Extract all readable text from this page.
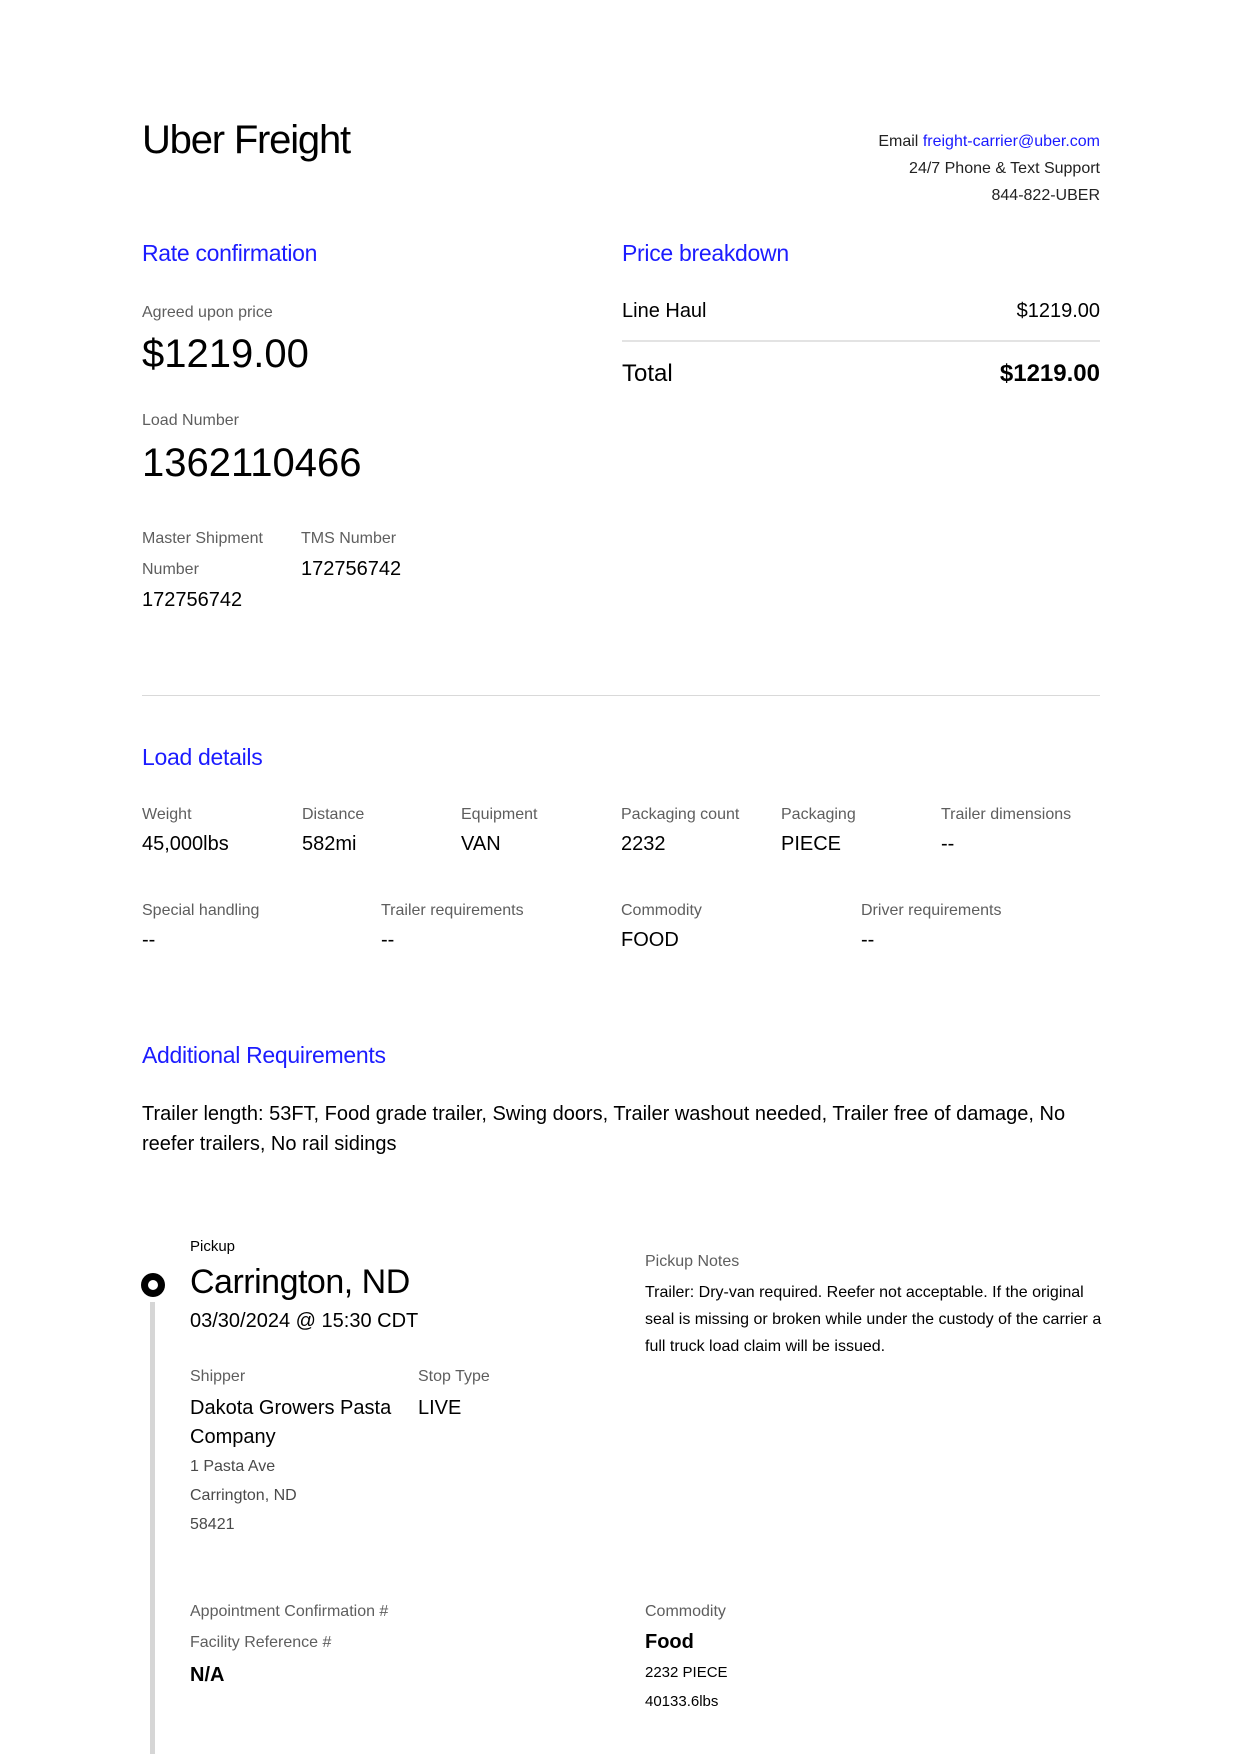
Uber Freight	Email freight-carrier@uber.com
24/7 Phone & Text Support
844-822-UBER
Rate confirmation
Agreed upon price
$1219.00
Load Number
1362110466
Master Shipment
Number
172756742
TMS Number
172756742
Price breakdown
Line Haul	$1219.00
Total	$1219.00
Load details
Weight
45,000lbs
Distance
582mi
Equipment
VAN
Packaging count
2232
Packaging
PIECE
Trailer dimensions
--
Special handling
--
Trailer requirements
--
Commodity
FOOD
Driver requirements
--
Additional Requirements
Trailer length: 53FT, Food grade trailer, Swing doors, Trailer washout needed, Trailer free of damage, No reefer trailers, No rail sidings
Pickup
Carrington, ND
03/30/2024 @ 15:30 CDT
Shipper
Dakota Growers Pasta Company
1 Pasta Ave
Carrington, ND
58421
Stop Type
LIVE
Pickup Notes
Trailer: Dry-van required. Reefer not acceptable. If the original seal is missing or broken while under the custody of the carrier a full truck load claim will be issued.
Appointment Confirmation #
Facility Reference #
N/A
Commodity
Food
2232 PIECE
40133.6lbs
